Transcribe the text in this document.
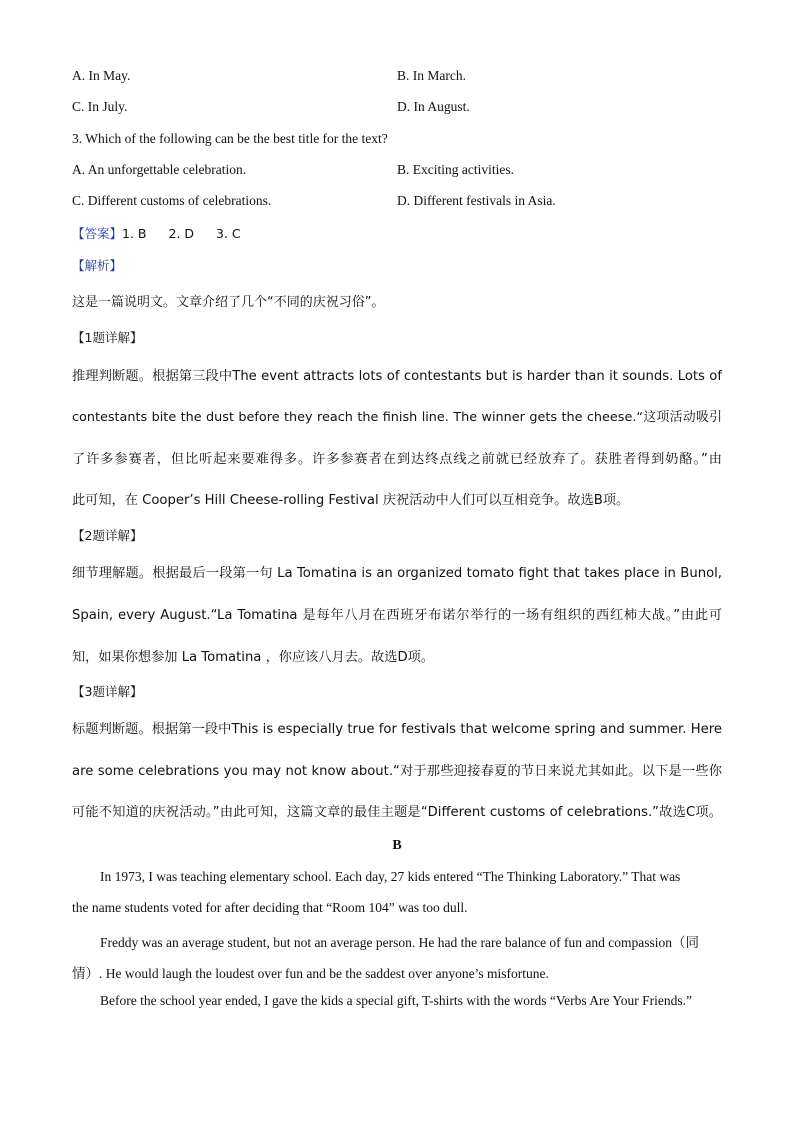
A. In May.	B. In March.
C. In July.	D. In August.
3. Which of the following can be the best title for the text?
A. An unforgettable celebration.	B. Exciting activities.
C. Different customs of celebrations.	D. Different festivals in Asia.
【答案】1. B 2. D 3. C
【解析】
这是一篇说明文。文章介绍了几个“不同的庆祝习俗”。
【1题详解】
推理判断题。根据第三段中The event attracts lots of contestants but is harder than it sounds. Lots of
contestants bite the dust before they reach the finish line. The winner gets the cheese.“这项活动吸引
了许多参赛者，但比听起来要难得多。许多参赛者在到达终点线之前就已经放弃了。获胜者得到奶酪。”由
此可知，在 Cooper’s Hill Cheese-rolling Festival 庆祝活动中人们可以互相竞争。故选B项。
【2题详解】
细节理解题。根据最后一段第一句 La Tomatina is an organized tomato fight that takes place in Bunol,
Spain, every August.“La Tomatina 是每年八月在西班牙布诺尔举行的一场有组织的西红柿大战。”由此可
知，如果你想参加 La Tomatina ，你应该八月去。故选D项。
【3题详解】
标题判断题。根据第一段中This is especially true for festivals that welcome spring and summer. Here
are some celebrations you may not know about.“对于那些迎接春夏的节日来说尤其如此。以下是一些你
可能不知道的庆祝活动。”由此可知，这篇文章的最佳主题是“Different customs of celebrations.”故选C项。
B
In 1973, I was teaching elementary school. Each day, 27 kids entered “The Thinking Laboratory.” That was
the name students voted for after deciding that “Room 104” was too dull.
Freddy was an average student, but not an average person. He had the rare balance of fun and compassion（同
情）. He would laugh the loudest over fun and be the saddest over anyone’s misfortune.
Before the school year ended, I gave the kids a special gift, T-shirts with the words “Verbs Are Your Friends.”
